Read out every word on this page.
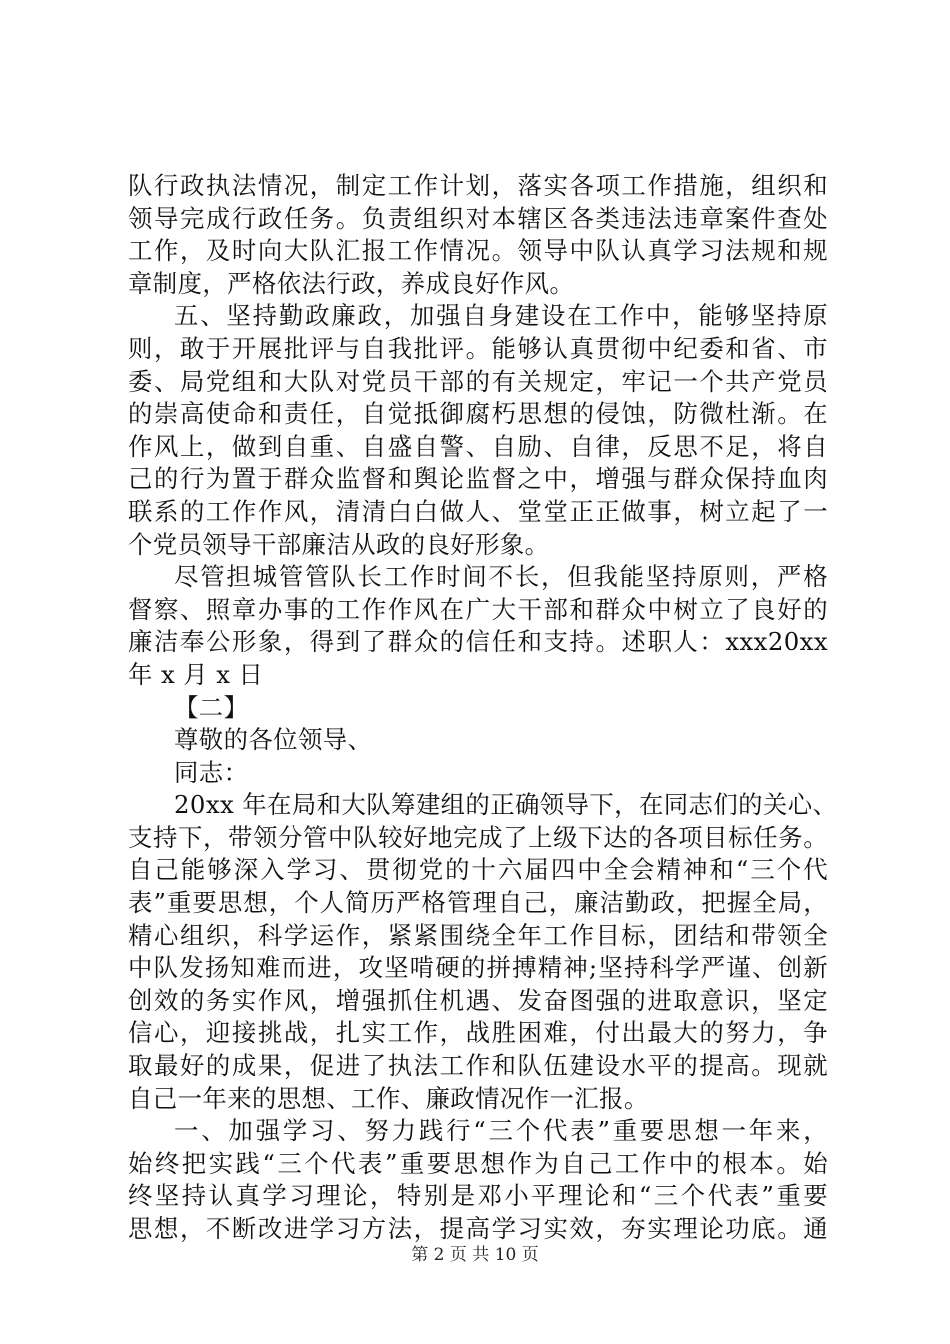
队行政执法情况，制定工作计划，落实各项工作措施，组织和
领导完成行政任务。负责组织对本辖区各类违法违章案件查处
工作，及时向大队汇报工作情况。领导中队认真学习法规和规
章制度，严格依法行政，养成良好作风。
五、坚持勤政廉政，加强自身建设在工作中，能够坚持原
则，敢于开展批评与自我批评。能够认真贯彻中纪委和省、市
委、局党组和大队对党员干部的有关规定，牢记一个共产党员
的崇高使命和责任，自觉抵御腐朽思想的侵蚀，防微杜渐。在
作风上，做到自重、自盛自警、自励、自律，反思不足，将自
己的行为置于群众监督和舆论监督之中，增强与群众保持血肉
联系的工作作风，清清白白做人、堂堂正正做事，树立起了一
个党员领导干部廉洁从政的良好形象。
尽管担城管管队长工作时间不长，但我能坚持原则，严格
督察、照章办事的工作作风在广大干部和群众中树立了良好的
廉洁奉公形象，得到了群众的信任和支持。述职人：xxx20xx
年 x 月 x 日
【二】
尊敬的各位领导、
同志：
20xx 年在局和大队筹建组的正确领导下，在同志们的关心、
支持下，带领分管中队较好地完成了上级下达的各项目标任务。
自己能够深入学习、贯彻党的十六届四中全会精神和“三个代
表”重要思想，个人简历严格管理自己，廉洁勤政，把握全局，
精心组织，科学运作，紧紧围绕全年工作目标，团结和带领全
中队发扬知难而进，攻坚啃硬的拼搏精神;坚持科学严谨、创新
创效的务实作风，增强抓住机遇、发奋图强的进取意识，坚定
信心，迎接挑战，扎实工作，战胜困难，付出最大的努力，争
取最好的成果，促进了执法工作和队伍建设水平的提高。现就
自己一年来的思想、工作、廉政情况作一汇报。
一、加强学习、努力践行“三个代表”重要思想一年来，
始终把实践“三个代表”重要思想作为自己工作中的根本。始
终坚持认真学习理论，特别是邓小平理论和“三个代表”重要
思想，不断改进学习方法，提高学习实效，夯实理论功底。通
第 2 页 共 10 页
